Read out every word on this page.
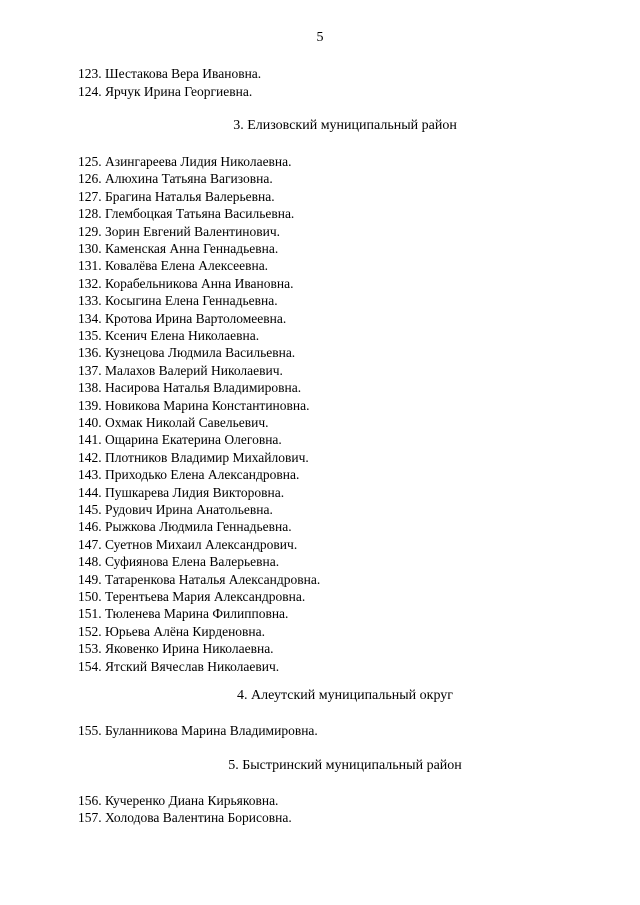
5
123. Шестакова Вера Ивановна.
124. Ярчук Ирина Георгиевна.
3. Елизовский муниципальный район
125. Азингареева Лидия Николаевна.
126. Алюхина Татьяна Вагизовна.
127. Брагина Наталья Валерьевна.
128. Глембоцкая Татьяна Васильевна.
129. Зорин Евгений Валентинович.
130. Каменская Анна Геннадьевна.
131. Ковалёва Елена Алексеевна.
132. Корабельникова Анна Ивановна.
133. Косыгина Елена Геннадьевна.
134. Кротова Ирина Вартоломеевна.
135. Ксенич Елена Николаевна.
136. Кузнецова Людмила Васильевна.
137. Малахов Валерий Николаевич.
138. Насирова Наталья Владимировна.
139. Новикова Марина Константиновна.
140. Охмак Николай Савельевич.
141. Ощарина Екатерина Олеговна.
142. Плотников Владимир Михайлович.
143. Приходько Елена Александровна.
144. Пушкарева Лидия Викторовна.
145. Рудович Ирина Анатольевна.
146. Рыжкова Людмила Геннадьевна.
147. Суетнов Михаил Александрович.
148. Суфиянова Елена Валерьевна.
149. Татаренкова Наталья Александровна.
150. Терентьева Мария Александровна.
151. Тюленева Марина Филипповна.
152. Юрьева Алёна Кирденовна.
153. Яковенко Ирина Николаевна.
154. Ятский Вячеслав Николаевич.
4. Алеутский муниципальный округ
155. Буланникова Марина Владимировна.
5. Быстринский муниципальный район
156. Кучеренко Диана Кирьяковна.
157. Холодова Валентина Борисовна.
